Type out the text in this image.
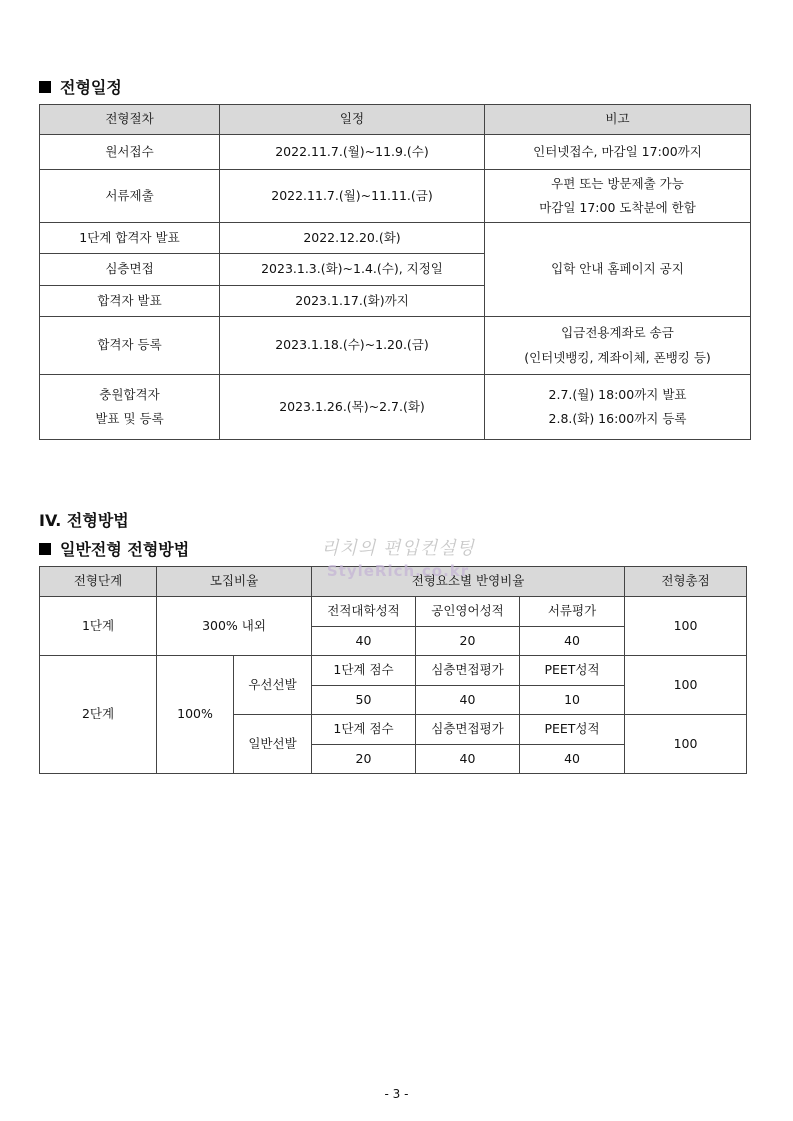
전형일정
전형절차	일정	비고
원서접수	2022.11.7.(월)~11.9.(수)	인터넷접수, 마감일 17:00까지
서류제출	2022.11.7.(월)~11.11.(금)	우편 또는 방문제출 가능
마감일 17:00 도착분에 한함

1단계 합격자 발표	2022.12.20.(화)	입학 안내 홈페이지 공지
심층면접	2023.1.3.(화)~1.4.(수), 지정일	
합격자 발표	2023.1.17.(화)까지	
합격자 등록	2023.1.18.(수)~1.20.(금)	입금전용계좌로 송금
(인터넷뱅킹, 계좌이체, 폰뱅킹 등)

충원합격자
발표 및 등록	2023.1.26.(목)~2.7.(화)	2.7.(월) 18:00까지 발표
2.8.(화) 16:00까지 등록
IV. 전형방법
일반전형 전형방법
전형단계	모집비율		전형요소별 반영비율			전형총점
1단계	300% 내외		전적대학성적	공인영어성적	서류평가	100
			40	20	40	
2단계	100%	우선선발	1단계 점수	심층면접평가	PEET성적	100
			50	40	10	
		일반선발	1단계 점수	심층면접평가	PEET성적	100
			20	40	40	
리치의 편입컨설팅
StyleRich.co.kr
- 3 -
